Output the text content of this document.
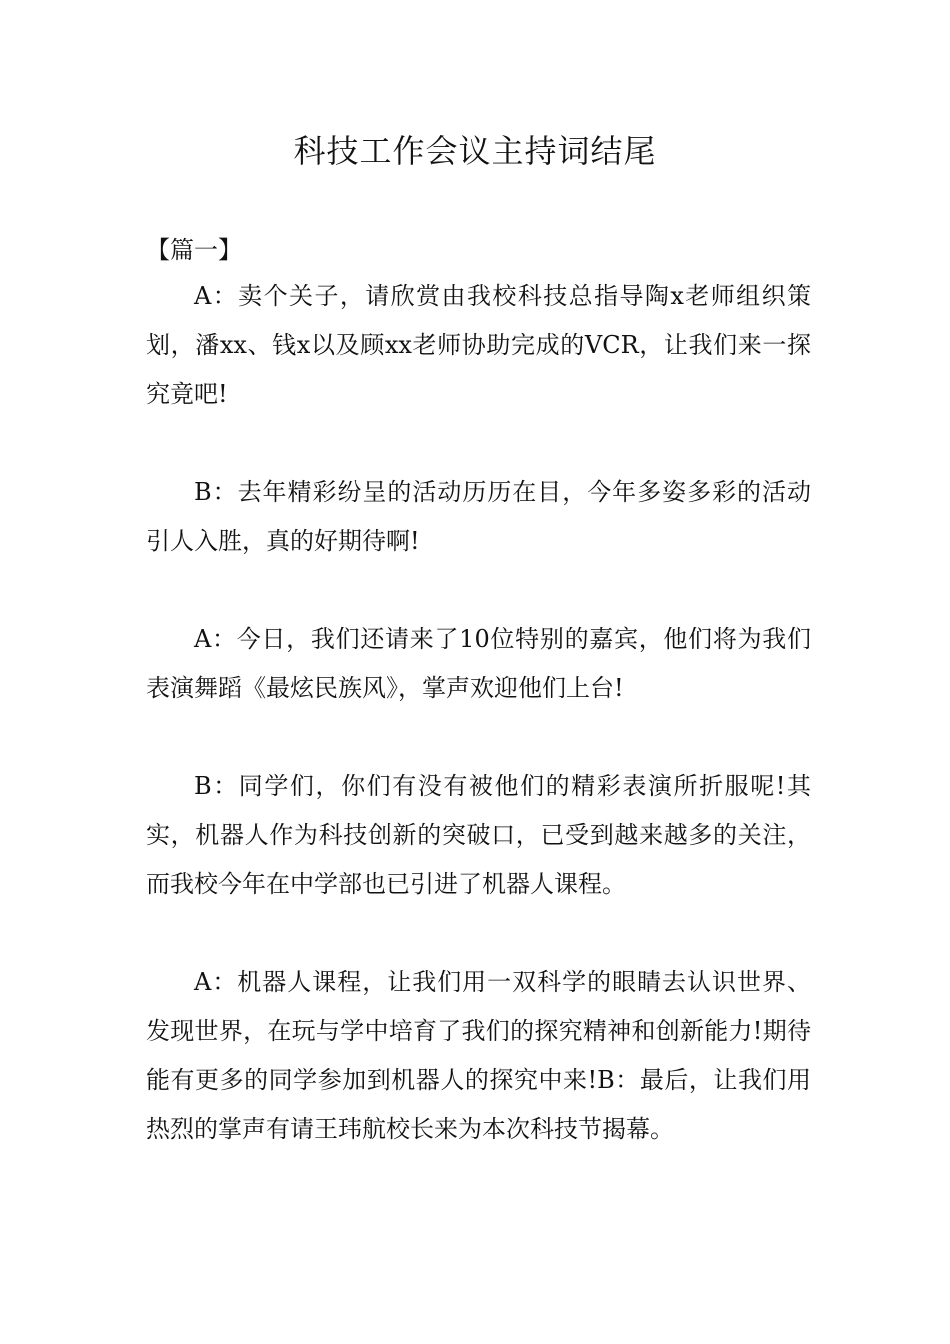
科技工作会议主持词结尾
【篇一】

A：卖个关子，请欣赏由我校科技总指导陶x老师组织策划，潘xx、钱x以及顾xx老师协助完成的VCR，让我们来一探究竟吧!

B：去年精彩纷呈的活动历历在目，今年多姿多彩的活动引人入胜，真的好期待啊!

A：今日，我们还请来了10位特别的嘉宾，他们将为我们表演舞蹈《最炫民族风》，掌声欢迎他们上台!

B：同学们，你们有没有被他们的精彩表演所折服呢!其实，机器人作为科技创新的突破口，已受到越来越多的关注，而我校今年在中学部也已引进了机器人课程。

A：机器人课程，让我们用一双科学的眼睛去认识世界、发现世界，在玩与学中培育了我们的探究精神和创新能力!期待能有更多的同学参加到机器人的探究中来!B：最后，让我们用热烈的掌声有请王玮航校长来为本次科技节揭幕。
